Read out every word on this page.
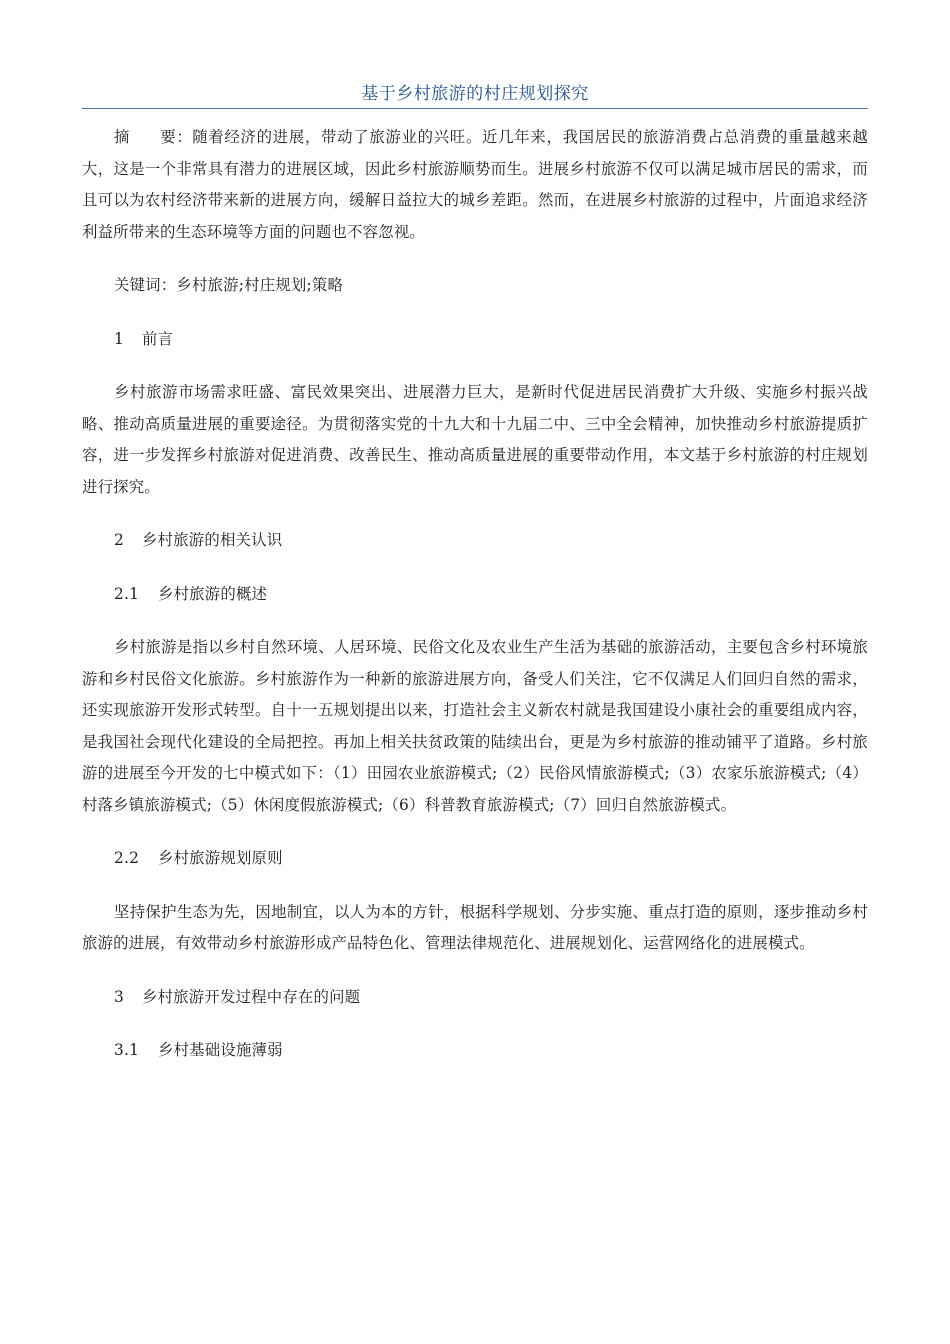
基于乡村旅游的村庄规划探究

摘 要：随着经济的进展，带动了旅游业的兴旺。近几年来，我国居民的旅游消费占总消费的重量越来越大，这是一个非常具有潜力的进展区域，因此乡村旅游顺势而生。进展乡村旅游不仅可以满足城市居民的需求，而且可以为农村经济带来新的进展方向，缓解日益拉大的城乡差距。然而，在进展乡村旅游的过程中，片面追求经济利益所带来的生态环境等方面的问题也不容忽视。

关键词：乡村旅游;村庄规划;策略

1 前言

乡村旅游市场需求旺盛、富民效果突出、进展潜力巨大，是新时代促进居民消费扩大升级、实施乡村振兴战略、推动高质量进展的重要途径。为贯彻落实党的十九大和十九届二中、三中全会精神，加快推动乡村旅游提质扩容，进一步发挥乡村旅游对促进消费、改善民生、推动高质量进展的重要带动作用，本文基于乡村旅游的村庄规划进行探究。

2 乡村旅游的相关认识

2.1 乡村旅游的概述

乡村旅游是指以乡村自然环境、人居环境、民俗文化及农业生产生活为基础的旅游活动，主要包含乡村环境旅游和乡村民俗文化旅游。乡村旅游作为一种新的旅游进展方向，备受人们关注，它不仅满足人们回归自然的需求，还实现旅游开发形式转型。自十一五规划提出以来，打造社会主义新农村就是我国建设小康社会的重要组成内容，是我国社会现代化建设的全局把控。再加上相关扶贫政策的陆续出台，更是为乡村旅游的推动铺平了道路。乡村旅游的进展至今开发的七中模式如下：（1）田园农业旅游模式;（2）民俗风情旅游模式;（3）农家乐旅游模式;（4）村落乡镇旅游模式;（5）休闲度假旅游模式;（6）科普教育旅游模式;（7）回归自然旅游模式。

2.2 乡村旅游规划原则

坚持保护生态为先，因地制宜，以人为本的方针，根据科学规划、分步实施、重点打造的原则，逐步推动乡村旅游的进展，有效带动乡村旅游形成产品特色化、管理法律规范化、进展规划化、运营网络化的进展模式。

3 乡村旅游开发过程中存在的问题

3.1 乡村基础设施薄弱
